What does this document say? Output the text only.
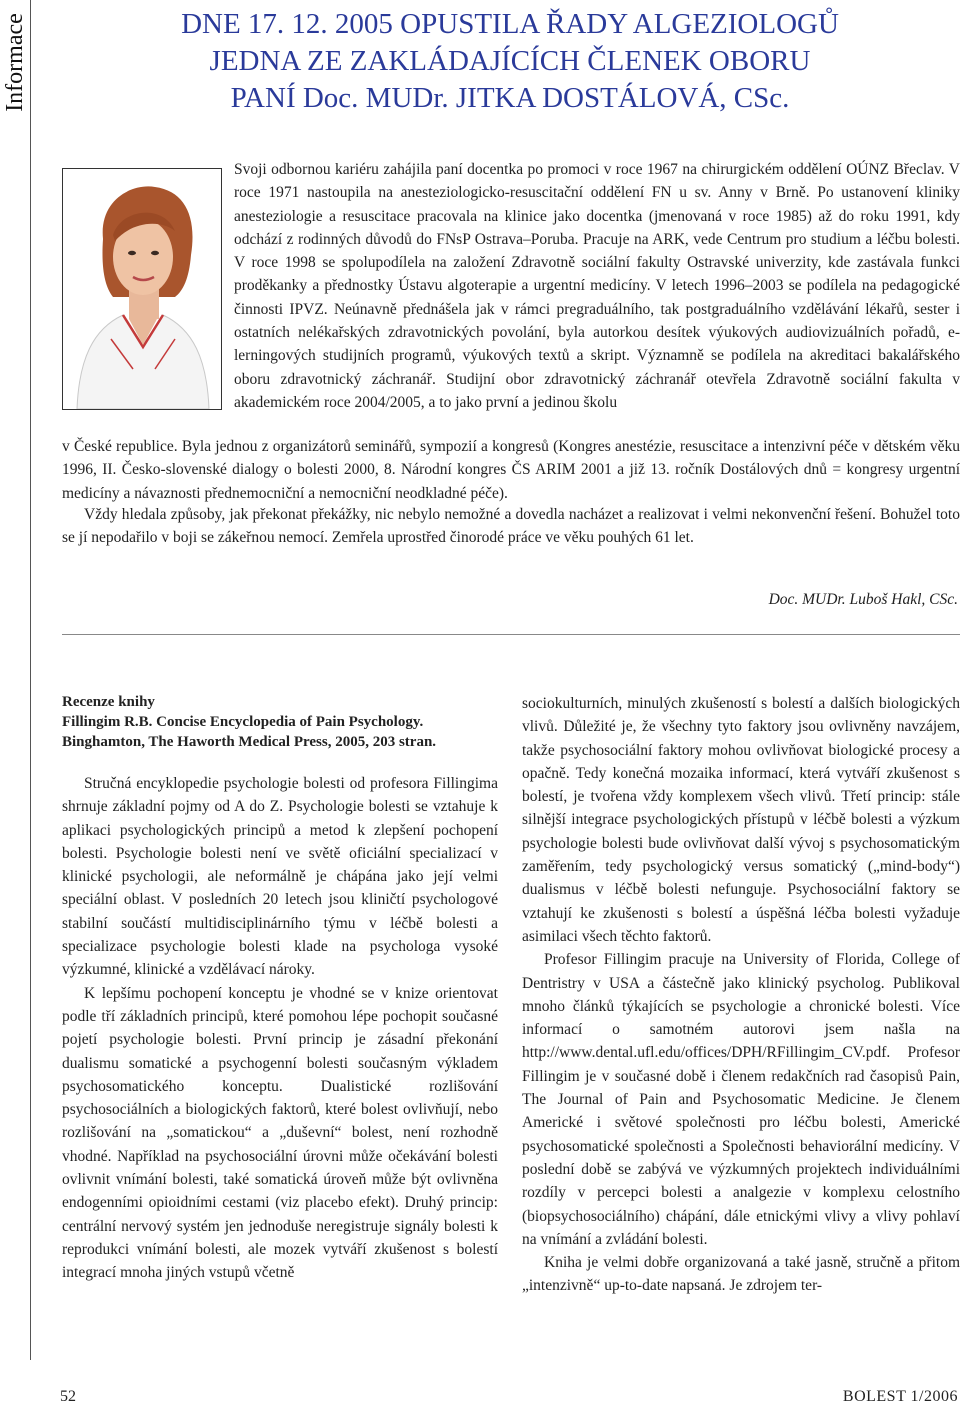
Informace	DNE 17. 12. 2005 OPUSTILA ŘADY ALGEZIOLOGŮ
JEDNA ZE ZAKLÁDAJÍCÍCH ČLENEK OBORU
PANÍ Doc. MUDr. JITKA DOSTÁLOVÁ, CSc.

Svoji odbornou kariéru zahájila paní docentka po promoci v roce 1967 na chirurgickém oddělení OÚNZ Břeclav. V roce 1971 nastoupila na anesteziologicko-resuscitační oddělení FN u sv. Anny v Brně. Po ustanovení kliniky anesteziologie a resuscitace pracovala na klinice jako docentka (jmenovaná v roce 1985) až do roku 1991, kdy odchází z rodinných důvodů do FNsP Ostrava–Poruba. Pracuje na ARK, vede Centrum pro studium a léčbu bolesti. V roce 1998 se spolupodílela na založení Zdravotně sociální fakulty Ostravské univerzity, kde zastávala funkci proděkanky a přednostky Ústavu algoterapie a urgentní medicíny. V letech 1996–2003 se podílela na pedagogické činnosti IPVZ. Neúnavně přednášela jak v rámci pregraduálního, tak postgraduálního vzdělávání lékařů, sester i ostatních nelékařských zdravotnických povolání, byla autorkou desítek výukových audiovizuálních pořadů, e-lerningových studijních programů, výukových textů a skript. Významně se podílela na akreditaci bakalářského oboru zdravotnický záchranář. Studijní obor zdravotnický záchranář otevřela Zdravotně sociální fakulta v akademickém roce 2004/2005, a to jako první a jedinou školu

v České republice. Byla jednou z organizátorů seminářů, sympozií a kongresů (Kongres anestézie, resuscitace a intenzivní péče v dětském věku 1996, II. Česko-slovenské dialogy o bolesti 2000, 8. Národní kongres ČS ARIM 2001 a již 13. ročník Dostálových dnů = kongresy urgentní medicíny a návaznosti přednemocniční a nemocniční neodkladné péče).

Vždy hledala způsoby, jak překonat překážky, nic nebylo nemožné a dovedla nacházet a realizovat i velmi nekonvenční řešení. Bohužel toto se jí nepodařilo v boji se zákeřnou nemocí. Zemřela uprostřed činorodé práce ve věku pouhých 61 let.

Doc. MUDr. Luboš Hakl, CSc.
Recenze knihy
Fillingim R.B. Concise Encyclopedia of Pain Psychology. Binghamton, The Haworth Medical Press, 2005, 203 stran.

Stručná encyklopedie psychologie bolesti od profesora Fillingima shrnuje základní pojmy od A do Z. Psychologie bolesti se vztahuje k aplikaci psychologických principů a metod k zlepšení pochopení bolesti. Psychologie bolesti není ve světě oficiální specializací v klinické psychologii, ale neformálně je chápána jako její velmi speciální oblast. V posledních 20 letech jsou kliničtí psychologové stabilní součástí multidisciplinárního týmu v léčbě bolesti a specializace psychologie bolesti klade na psychologa vysoké výzkumné, klinické a vzdělávací nároky.

K lepšímu pochopení konceptu je vhodné se v knize orientovat podle tří základních principů, které pomohou lépe pochopit současné pojetí psychologie bolesti. První princip je zásadní překonání dualismu somatické a psychogenní bolesti současným výkladem psychosomatického konceptu. Dualistické rozlišování psychosociálních a biologických faktorů, které bolest ovlivňují, nebo rozlišování na „somatickou“ a „duševní“ bolest, není rozhodně vhodné. Například na psychosociální úrovni může očekávání bolesti ovlivnit vnímání bolesti, také somatická úroveň může být ovlivněna endogenními opioidními cestami (viz placebo efekt). Druhý princip: centrální nervový systém jen jednoduše neregistruje signály bolesti k reprodukci vnímání bolesti, ale mozek vytváří zkušenost s bolestí integrací mnoha jiných vstupů včetně

sociokulturních, minulých zkušeností s bolestí a dalších biologických vlivů. Důležité je, že všechny tyto faktory jsou ovlivněny navzájem, takže psychosociální faktory mohou ovlivňovat biologické procesy a opačně. Tedy konečná mozaika informací, která vytváří zkušenost s bolestí, je tvořena vždy komplexem všech vlivů. Třetí princip: stále silnější integrace psychologických přístupů v léčbě bolesti a výzkum psychologie bolesti bude ovlivňovat další vývoj s psychosomatickým zaměřením, tedy psychologický versus somatický („mind-body“) dualismus v léčbě bolesti nefunguje. Psychosociální faktory se vztahují ke zkušenosti s bolestí a úspěšná léčba bolesti vyžaduje asimilaci všech těchto faktorů.

Profesor Fillingim pracuje na University of Florida, College of Dentristry v USA a částečně jako klinický psycholog. Publikoval mnoho článků týkajících se psychologie a chronické bolesti. Více informací o samotném autorovi jsem našla na http://www.dental.ufl.edu/offices/DPH/RFillingim_CV.pdf. Profesor Fillingim je v současné době i členem redakčních rad časopisů Pain, The Journal of Pain and Psychosomatic Medicine. Je členem Americké i světové společnosti pro léčbu bolesti, Americké psychosomatické společnosti a Společnosti behaviorální medicíny. V poslední době se zabývá ve výzkumných projektech individuálními rozdíly v percepci bolesti a analgezie v komplexu celostního (biopsychosociálního) chápání, dále etnickými vlivy a vlivy pohlaví na vnímání a zvládání bolesti.

Kniha je velmi dobře organizovaná a také jasně, stručně a přitom „intenzivně“ up-to-date napsaná. Je zdrojem ter-

52	BOLEST 1/2006
